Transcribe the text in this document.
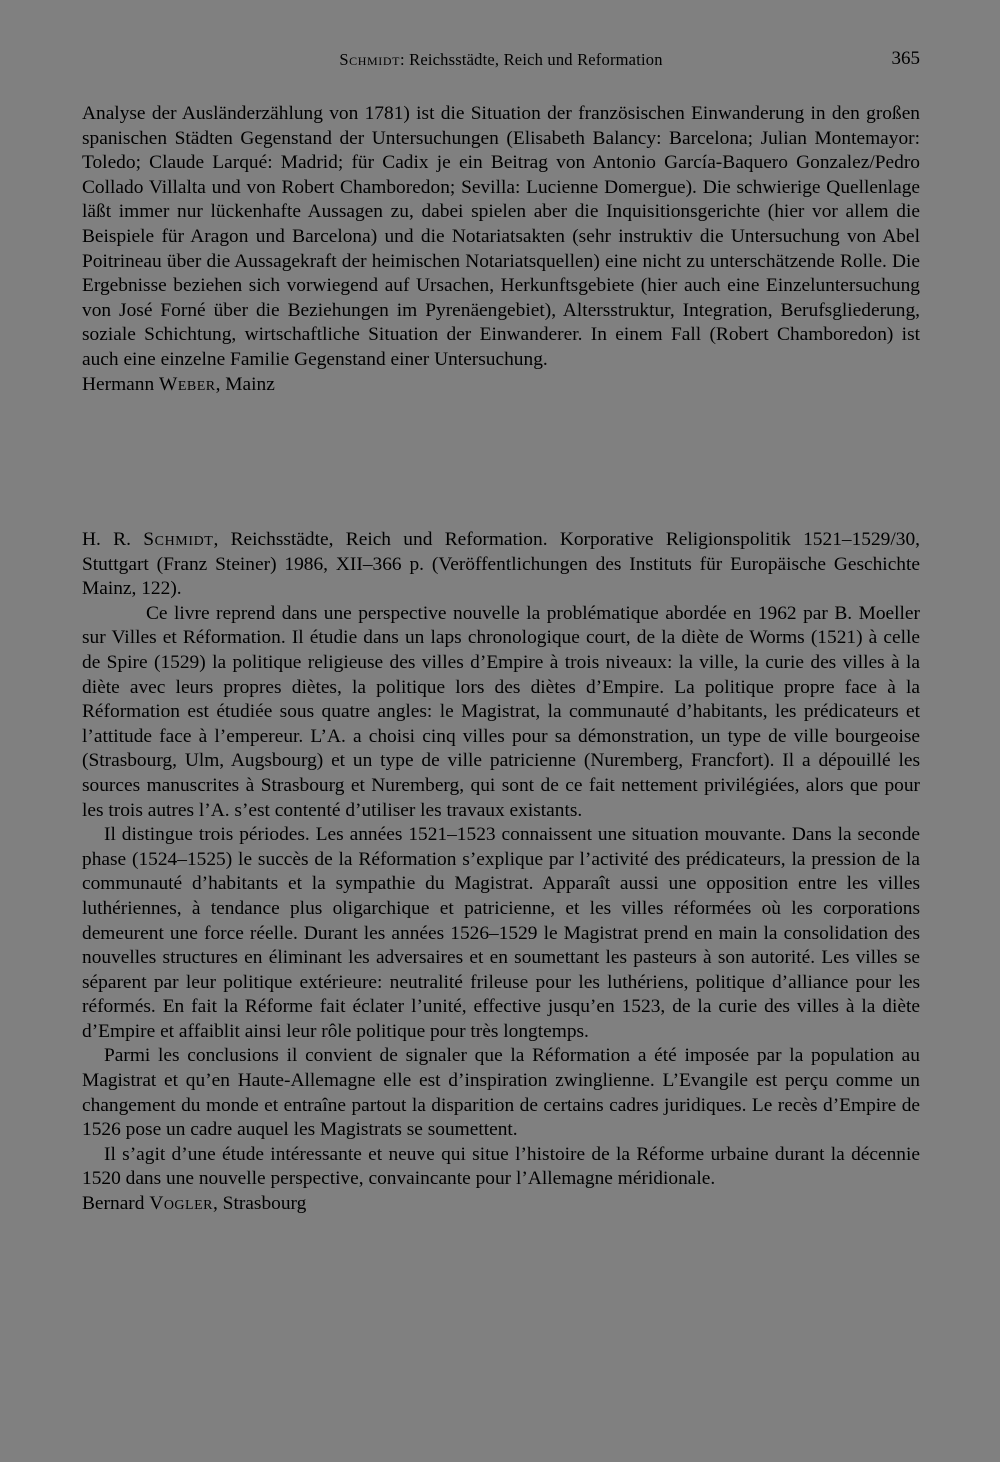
Schmidt: Reichsstädte, Reich und Reformation	365

Analyse der Ausländerzählung von 1781) ist die Situation der französischen Einwanderung in den großen spanischen Städten Gegenstand der Untersuchungen (Elisabeth Balancy: Barcelona; Julian Montemayor: Toledo; Claude Larqué: Madrid; für Cadix je ein Beitrag von Antonio García-Baquero Gonzalez/Pedro Collado Villalta und von Robert Chamboredon; Sevilla: Lucienne Domergue). Die schwierige Quellenlage läßt immer nur lückenhafte Aussagen zu, dabei spielen aber die Inquisitionsgerichte (hier vor allem die Beispiele für Aragon und Barcelona) und die Notariatsakten (sehr instruktiv die Untersuchung von Abel Poitrineau über die Aussagekraft der heimischen Notariatsquellen) eine nicht zu unterschätzende Rolle. Die Ergebnisse beziehen sich vorwiegend auf Ursachen, Herkunftsgebiete (hier auch eine Einzeluntersuchung von José Forné über die Beziehungen im Pyrenäengebiet), Altersstruktur, Integration, Berufsgliederung, soziale Schichtung, wirtschaftliche Situation der Einwanderer. In einem Fall (Robert Chamboredon) ist auch eine einzelne Familie Gegenstand einer Untersuchung.

Hermann Weber, Mainz

H. R. Schmidt, Reichsstädte, Reich und Reformation. Korporative Religionspolitik 1521–1529/30, Stuttgart (Franz Steiner) 1986, XII–366 p. (Veröffentlichungen des Instituts für Europäische Geschichte Mainz, 122).

Ce livre reprend dans une perspective nouvelle la problématique abordée en 1962 par B. Moeller sur Villes et Réformation. Il étudie dans un laps chronologique court, de la diète de Worms (1521) à celle de Spire (1529) la politique religieuse des villes d’Empire à trois niveaux: la ville, la curie des villes à la diète avec leurs propres diètes, la politique lors des diètes d’Empire. La politique propre face à la Réformation est étudiée sous quatre angles: le Magistrat, la communauté d’habitants, les prédicateurs et l’attitude face à l’empereur. L’A. a choisi cinq villes pour sa démonstration, un type de ville bourgeoise (Strasbourg, Ulm, Augsbourg) et un type de ville patricienne (Nuremberg, Francfort). Il a dépouillé les sources manuscrites à Strasbourg et Nuremberg, qui sont de ce fait nettement privilégiées, alors que pour les trois autres l’A. s’est contenté d’utiliser les travaux existants.

Il distingue trois périodes. Les années 1521–1523 connaissent une situation mouvante. Dans la seconde phase (1524–1525) le succès de la Réformation s’explique par l’activité des prédicateurs, la pression de la communauté d’habitants et la sympathie du Magistrat. Apparaît aussi une opposition entre les villes luthériennes, à tendance plus oligarchique et patricienne, et les villes réformées où les corporations demeurent une force réelle. Durant les années 1526–1529 le Magistrat prend en main la consolidation des nouvelles structures en éliminant les adversaires et en soumettant les pasteurs à son autorité. Les villes se séparent par leur politique extérieure: neutralité frileuse pour les luthériens, politique d’alliance pour les réformés. En fait la Réforme fait éclater l’unité, effective jusqu’en 1523, de la curie des villes à la diète d’Empire et affaiblit ainsi leur rôle politique pour très longtemps.

Parmi les conclusions il convient de signaler que la Réformation a été imposée par la population au Magistrat et qu’en Haute-Allemagne elle est d’inspiration zwinglienne. L’Evangile est perçu comme un changement du monde et entraîne partout la disparition de certains cadres juridiques. Le recès d’Empire de 1526 pose un cadre auquel les Magistrats se soumettent.

Il s’agit d’une étude intéressante et neuve qui situe l’histoire de la Réforme urbaine durant la décennie 1520 dans une nouvelle perspective, convaincante pour l’Allemagne méridionale.

Bernard Vogler, Strasbourg
